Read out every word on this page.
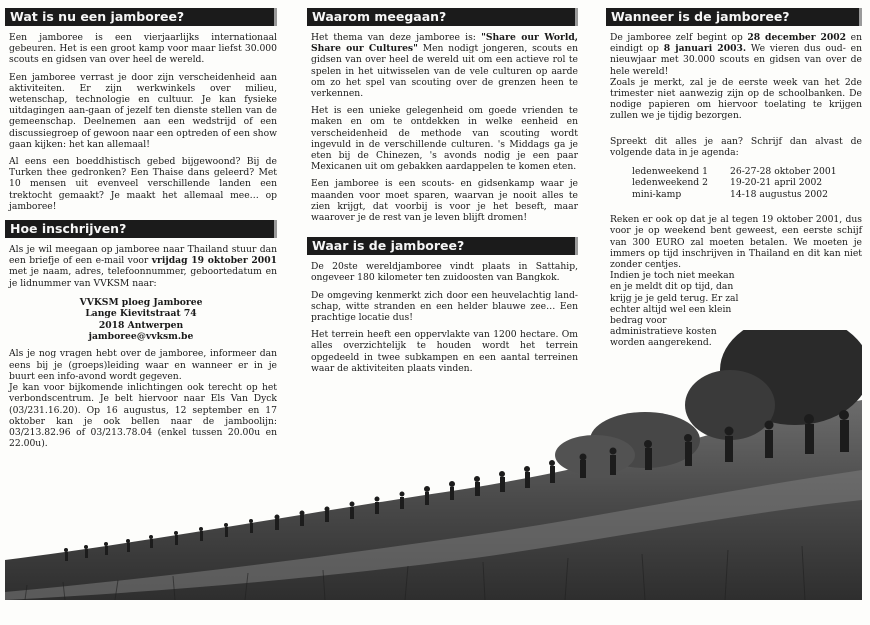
Wat is nu een jamboree?

Een jamboree is een vierjaarlijks internationaal gebeuren. Het is een groot kamp voor maar liefst 30.000 scouts en gidsen van over heel de wereld.

Een jamboree verrast je door zijn verscheidenheid aan aktiviteiten. Er zijn werkwinkels over milieu, wetenschap, technologie en cultuur. Je kan fysieke uitdagingen aan-gaan of jezelf ten dienste stellen van de gemeenschap. Deelnemen aan een wedstrijd of een discussiegroep of gewoon naar een optreden of een show gaan kijken: het kan allemaal!

Al eens een boeddhistisch gebed bijgewoond? Bij de Turken thee gedronken? Een Thaise dans geleerd? Met 10 mensen uit evenveel verschillende landen een trektocht gemaakt? Je maakt het allemaal mee… op jamboree!

Hoe inschrijven?

Als je wil meegaan op jamboree naar Thailand stuur dan een briefje of een e-mail voor vrijdag 19 oktober 2001 met je naam, adres, telefoonnummer, geboortedatum en je lidnummer van VVKSM naar:

VVKSM ploeg Jamboree
Lange Kievitstraat 74
2018 Antwerpen
jamboree@vvksm.be

Als je nog vragen hebt over de jamboree, informeer dan eens bij je (groeps)leiding waar en wanneer er in je buurt een info-avond wordt gegeven.

Je kan voor bijkomende inlichtingen ook terecht op het verbondscentrum. Je belt hiervoor naar Els Van Dyck (03/231.16.20). Op 16 augustus, 12 september en 17 oktober kan je ook bellen naar de jamboolijn: 03/213.82.96 of 03/213.78.04 (enkel tussen 20.00u en 22.00u).

Waarom meegaan?

Het thema van deze jamboree is: "Share our World, Share our Cultures" Men nodigt jongeren, scouts en gidsen van over heel de wereld uit om een actieve rol te spelen in het uitwisselen van de vele culturen op aarde om zo het spel van scouting over de grenzen heen te verkennen.

Het is een unieke gelegenheid om goede vrienden te maken en om te ontdekken in welke eenheid en verscheidenheid de methode van scouting wordt ingevuld in de verschillende culturen. 's Middags ga je eten bij de Chinezen, 's avonds nodig je een paar Mexicanen uit om gebakken aardappelen te komen eten.

Een jamboree is een scouts- en gidsenkamp waar je maanden voor moet sparen, waarvan je nooit alles te zien krijgt, dat voorbij is voor je het beseft, maar waarover je de rest van je leven blijft dromen!

Waar is de jamboree?

De 20ste wereldjamboree vindt plaats in Sattahip, ongeveer 180 kilometer ten zuidoosten van Bangkok.

De omgeving kenmerkt zich door een heuvelachtig land-schap, witte stranden en een helder blauwe zee… Een prachtige locatie dus!

Het terrein heeft een oppervlakte van 1200 hectare. Om alles overzichtelijk te houden wordt het terrein opgedeeld in twee subkampen en een aantal terreinen waar de aktiviteiten plaats vinden.

Wanneer is de jamboree?

De jamboree zelf begint op 28 december 2002 en eindigt op 8 januari 2003. We vieren dus oud- en nieuwjaar met 30.000 scouts en gidsen van over de hele wereld!

Zoals je merkt, zal je de eerste week van het 2de trimester niet aanwezig zijn op de schoolbanken. De nodige papieren om hiervoor toelating te krijgen zullen we je tijdig bezorgen.

Spreekt dit alles je aan? Schrijf dan alvast de volgende data in je agenda:

ledenweekend 1	26-27-28 oktober 2001
ledenweekend 2	19-20-21 april 2002
mini-kamp	14-18 augustus 2002

Reken er ook op dat je al tegen 19 oktober 2001, dus voor je op weekend bent geweest, een eerste schijf van 300 EURO zal moeten betalen. We moeten je immers op tijd inschrijven in Thailand en dit kan niet zonder centjes.

Indien je toch niet meekan en je meldt dit op tijd, dan krijg je je geld terug. Er zal echter altijd wel een klein bedrag voor administratieve kosten worden aangerekend.
